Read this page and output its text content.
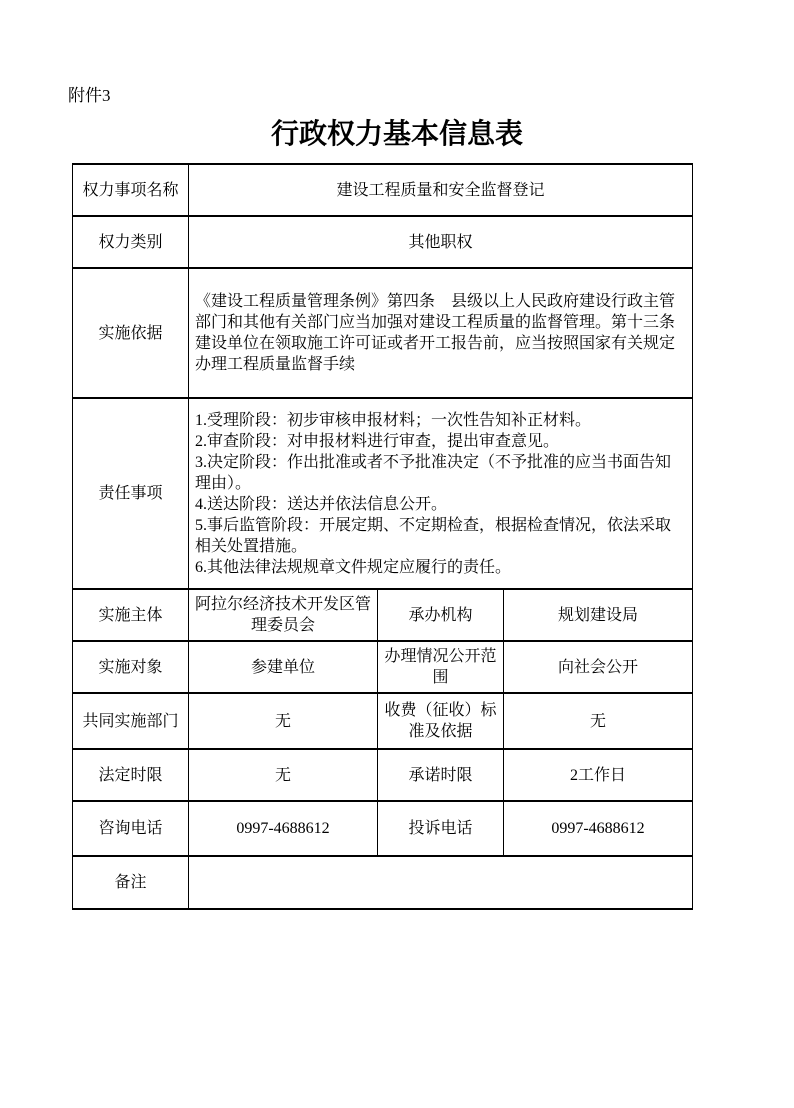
附件3
行政权力基本信息表
权力事项名称	建设工程质量和安全监督登记		
权力类别	其他职权		
实施依据	《建设工程质量管理条例》第四条　县级以上人民政府建设行政主管部门和其他有关部门应当加强对建设工程质量的监督管理。第十三条　建设单位在领取施工许可证或者开工报告前，应当按照国家有关规定办理工程质量监督手续		
责任事项	
1.受理阶段：初步审核申报材料；一次性告知补正材料。
2.审查阶段：对申报材料进行审查，提出审查意见。
3.决定阶段：作出批准或者不予批准决定（不予批准的应当书面告知理由）。
4.送达阶段：送达并依法信息公开。
5.事后监管阶段：开展定期、不定期检查，根据检查情况，依法采取相关处置措施。
6.其他法律法规规章文件规定应履行的责任。

实施主体	阿拉尔经济技术开发区管理委员会	承办机构	规划建设局
实施对象	参建单位	办理情况公开范围	向社会公开
共同实施部门	无	收费（征收）标准及依据	无
法定时限	无	承诺时限	2工作日
咨询电话	0997-4688612	投诉电话	0997-4688612
备注			
